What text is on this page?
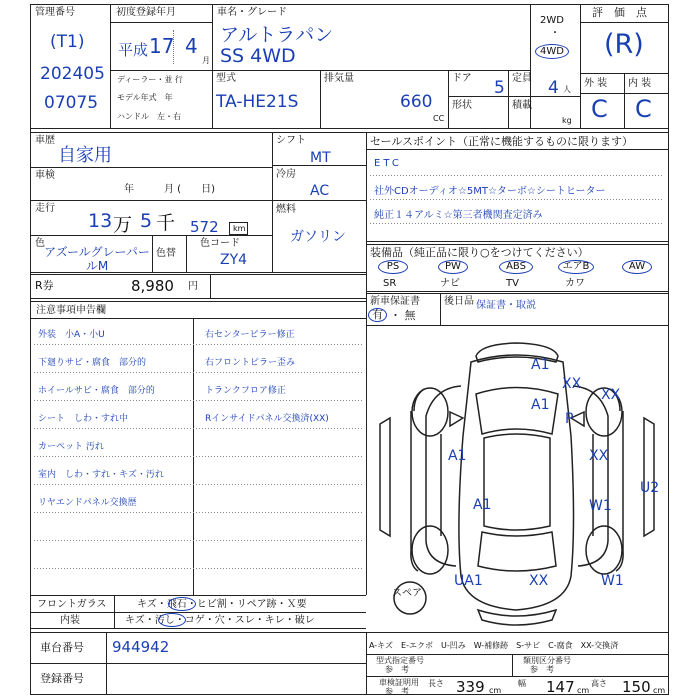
管理番号
(T1)
202405
07075
初度登録年月
平成 17 4
月
車名・グレード
アルトラパン
SS 4WD
2WD
・
4WD
評　価　点
(R)
ディーラー・並 行
モデル年式　年
ハンドル　左・右
型式
TA-HE21S
排気量
660
CC
ドア 5 定員 4 人
形状	積載
kg
外 装
C
内 装
C
車歴
自家用
車検
年　　　月 (　　日)
走行
13 万 5 千 572 km
色
アズールグレーパールM
色替
色コード
ZY4
シフト
MT
冷房
AC
燃料
ガソリン
R券	8,980 円
セールスポイント（正常に機能するものに限ります）
ETC
社外CDオーディオ☆5MT☆ターボ☆シートヒーター
純正１４アルミ☆第三者機関査定済み
装備品（純正品に限り○をつけてください）
PS	PW	ABS	エアB	AW
SR	ナビ	TV	カワ
新車保証書
有 ・ 無
後日品 保証書・取説
注意事項申告欄
外装　小A・小U
下廻りサビ・腐食　部分的
ホイールサビ・腐食　部分的
シート　しわ・すれ中
カーペット 汚れ
室内　しわ・すれ・キズ・汚れ
リヤエンドパネル交換歴
右センターピラー修正
右フロントピラー歪み
トランクフロア修正
Rインサイドパネル交換済(XX)
A1
XX
XX
A1
P
A1	XX
U2
A1	W1
UA1	XX	W1
スペア
フロントガラス	キズ・飛石・ヒビ割・リペア跡・Ｘ要
内装	キズ・汚し・コゲ・穴・スレ・キレ・破レ
車台番号 944942
登録番号
A-キズ　E-エクボ　U-凹み　W-補修跡　S-サビ　C-腐食　XX-交換済
型式指定番号
参　考
類別区分番号
参　考
車検証明用
参　考
長さ 339 cm
幅 147 cm
高さ 150 cm
